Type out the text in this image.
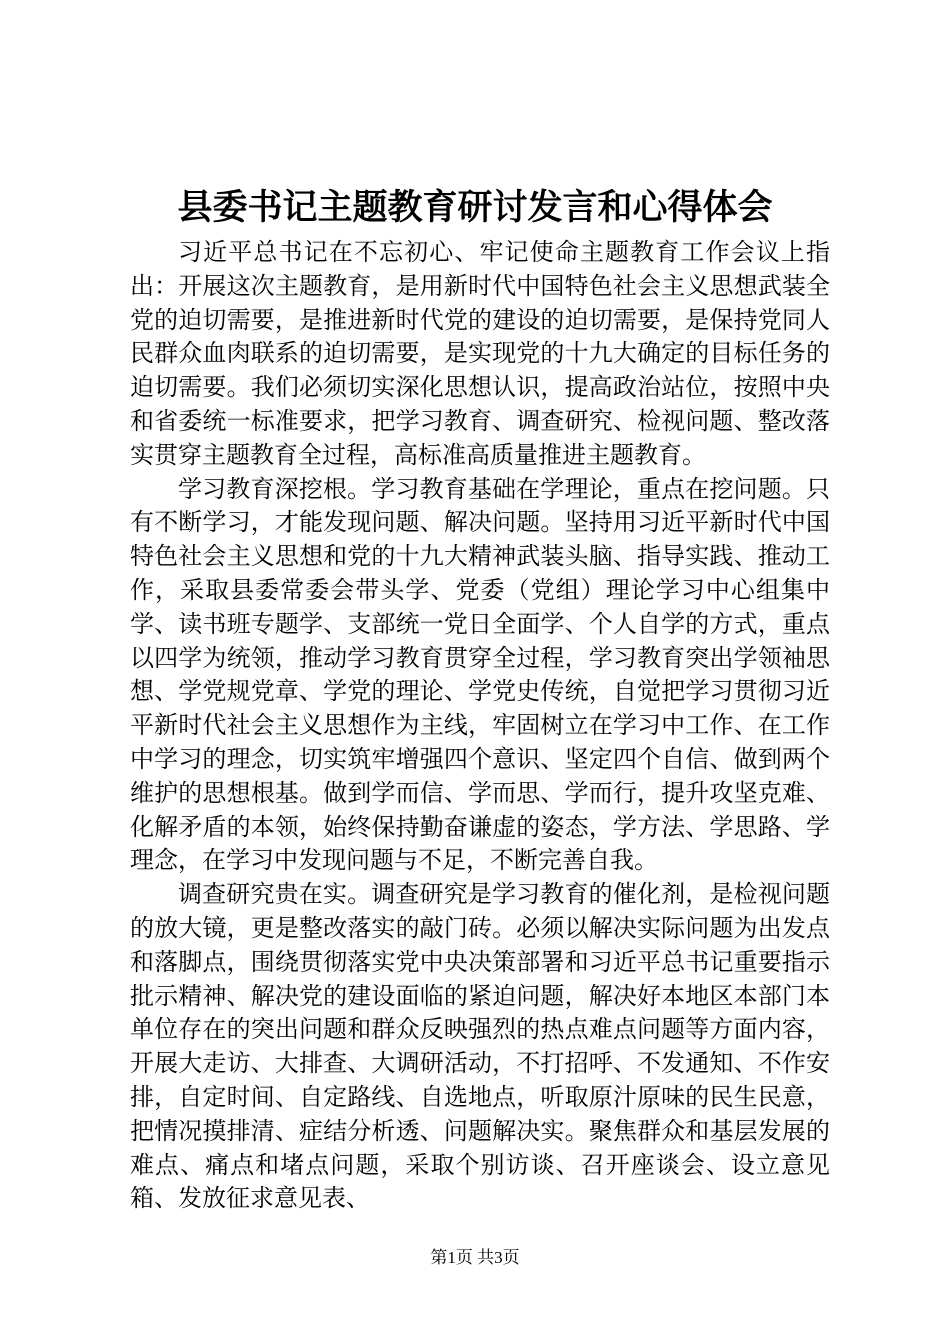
县委书记主题教育研讨发言和心得体会

习近平总书记在不忘初心、牢记使命主题教育工作会议上指出：开展这次主题教育，是用新时代中国特色社会主义思想武装全党的迫切需要，是推进新时代党的建设的迫切需要，是保持党同人民群众血肉联系的迫切需要，是实现党的十九大确定的目标任务的迫切需要。我们必须切实深化思想认识，提高政治站位，按照中央和省委统一标准要求，把学习教育、调查研究、检视问题、整改落实贯穿主题教育全过程，高标准高质量推进主题教育。

学习教育深挖根。学习教育基础在学理论，重点在挖问题。只有不断学习，才能发现问题、解决问题。坚持用习近平新时代中国特色社会主义思想和党的十九大精神武装头脑、指导实践、推动工作，采取县委常委会带头学、党委（党组）理论学习中心组集中学、读书班专题学、支部统一党日全面学、个人自学的方式，重点以四学为统领，推动学习教育贯穿全过程，学习教育突出学领袖思想、学党规党章、学党的理论、学党史传统，自觉把学习贯彻习近平新时代社会主义思想作为主线，牢固树立在学习中工作、在工作中学习的理念，切实筑牢增强四个意识、坚定四个自信、做到两个维护的思想根基。做到学而信、学而思、学而行，提升攻坚克难、化解矛盾的本领，始终保持勤奋谦虚的姿态，学方法、学思路、学理念，在学习中发现问题与不足，不断完善自我。

调查研究贵在实。调查研究是学习教育的催化剂，是检视问题的放大镜，更是整改落实的敲门砖。必须以解决实际问题为出发点和落脚点，围绕贯彻落实党中央决策部署和习近平总书记重要指示批示精神、解决党的建设面临的紧迫问题，解决好本地区本部门本单位存在的突出问题和群众反映强烈的热点难点问题等方面内容，开展大走访、大排查、大调研活动，不打招呼、不发通知、不作安排，自定时间、自定路线、自选地点，听取原汁原味的民生民意，把情况摸排清、症结分析透、问题解决实。聚焦群众和基层发展的难点、痛点和堵点问题，采取个别访谈、召开座谈会、设立意见箱、发放征求意见表、

第1页 共3页
